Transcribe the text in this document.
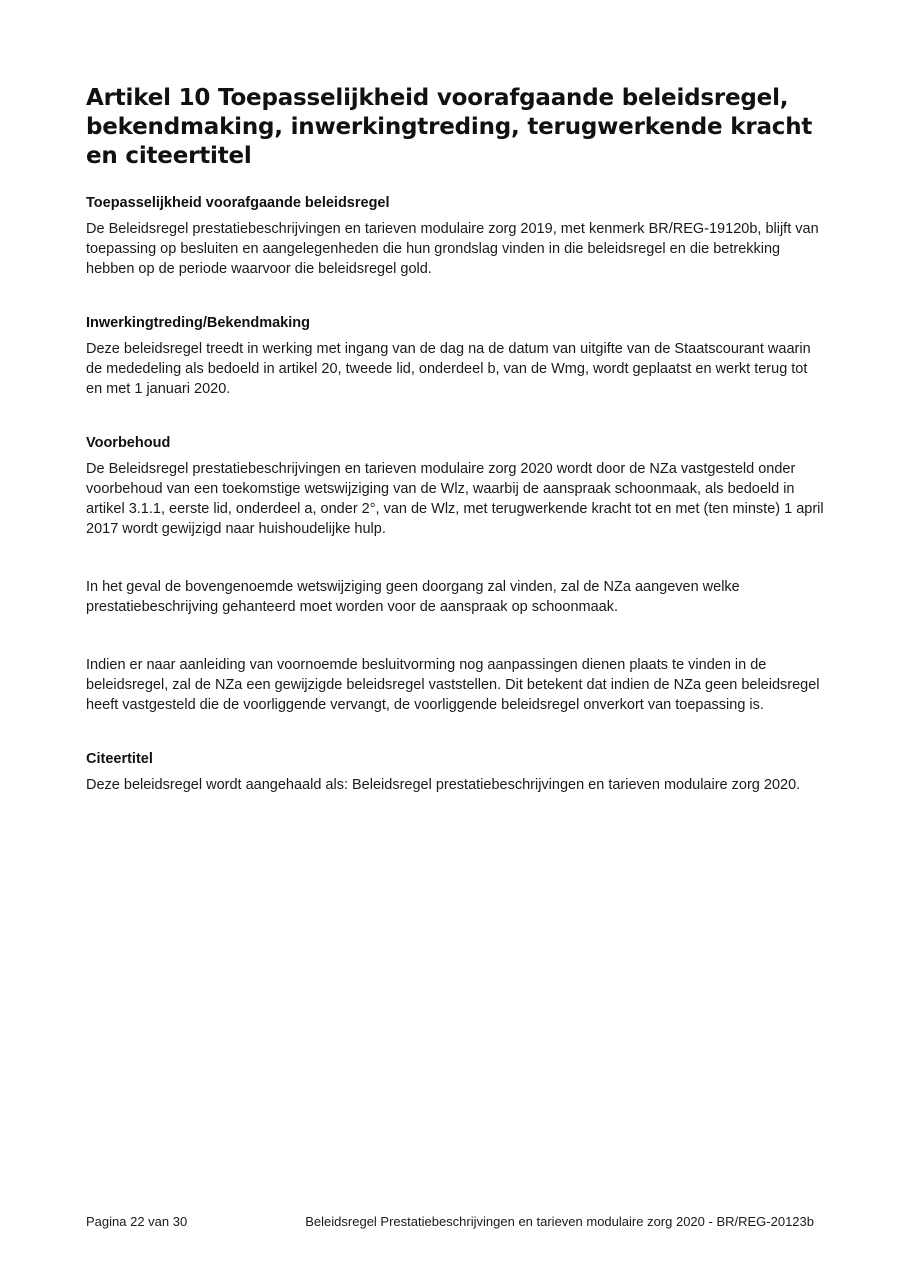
Artikel 10 Toepasselijkheid voorafgaande beleidsregel, bekendmaking, inwerkingtreding, terugwerkende kracht en citeertitel
Toepasselijkheid voorafgaande beleidsregel

De Beleidsregel prestatiebeschrijvingen en tarieven modulaire zorg 2019, met kenmerk BR/REG-19120b, blijft van toepassing op besluiten en aangelegenheden die hun grondslag vinden in die beleidsregel en die betrekking hebben op de periode waarvoor die beleidsregel gold.

Inwerkingtreding/Bekendmaking

Deze beleidsregel treedt in werking met ingang van de dag na de datum van uitgifte van de Staatscourant waarin de mededeling als bedoeld in artikel 20, tweede lid, onderdeel b, van de Wmg, wordt geplaatst en werkt terug tot en met 1 januari 2020.

Voorbehoud

De Beleidsregel prestatiebeschrijvingen en tarieven modulaire zorg 2020 wordt door de NZa vastgesteld onder voorbehoud van een toekomstige wetswijziging van de Wlz, waarbij de aanspraak schoonmaak, als bedoeld in artikel 3.1.1, eerste lid, onderdeel a, onder 2°, van de Wlz, met terugwerkende kracht tot en met (ten minste) 1 april 2017 wordt gewijzigd naar huishoudelijke hulp.

In het geval de bovengenoemde wetswijziging geen doorgang zal vinden, zal de NZa aangeven welke prestatiebeschrijving gehanteerd moet worden voor de aanspraak op schoonmaak.

Indien er naar aanleiding van voornoemde besluitvorming nog aanpassingen dienen plaats te vinden in de beleidsregel, zal de NZa een gewijzigde beleidsregel vaststellen. Dit betekent dat indien de NZa geen beleidsregel heeft vastgesteld die de voorliggende vervangt, de voorliggende beleidsregel onverkort van toepassing is.

Citeertitel

Deze beleidsregel wordt aangehaald als: Beleidsregel prestatiebeschrijvingen en tarieven modulaire zorg 2020.

Pagina 22 van 30	Beleidsregel Prestatiebeschrijvingen en tarieven modulaire zorg 2020 - BR/REG-20123b
